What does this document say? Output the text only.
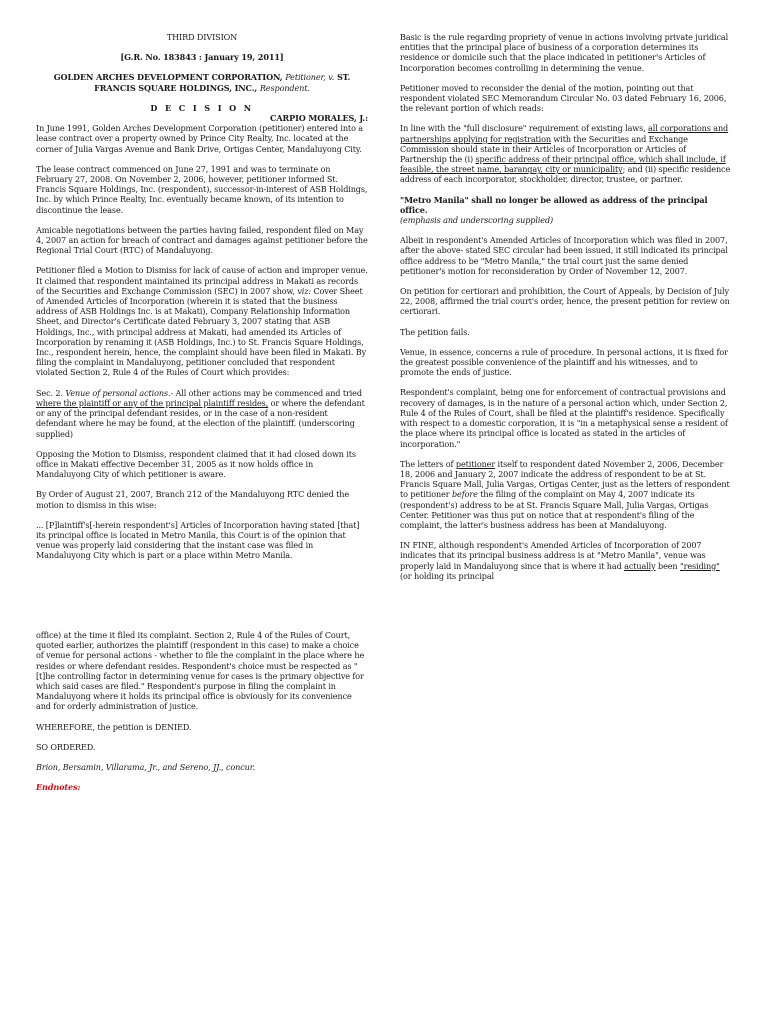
THIRD DIVISION

[G.R. No. 183843 : January 19, 2011]

GOLDEN ARCHES DEVELOPMENT CORPORATION, Petitioner, v. ST. FRANCIS SQUARE HOLDINGS, INC., Respondent.

D E C I S I O N

CARPIO MORALES, J.:

In June 1991, Golden Arches Development Corporation (petitioner) entered into a lease contract over a property owned by Prince City Realty, Inc. located at the corner of Julia Vargas Avenue and Bank Drive, Ortigas Center, Mandaluyong City.

The lease contract commenced on June 27, 1991 and was to terminate on February 27, 2008. On November 2, 2006, however, petitioner informed St. Francis Square Holdings, Inc. (respondent), successor-in-interest of ASB Holdings, Inc. by which Prince Realty, Inc. eventually became known, of its intention to discontinue the lease.

Amicable negotiations between the parties having failed, respondent filed on May 4, 2007 an action for breach of contract and damages against petitioner before the Regional Trial Court (RTC) of Mandaluyong.

Petitioner filed a Motion to Dismiss for lack of cause of action and improper venue. It claimed that respondent maintained its principal address in Makati as records of the Securities and Exchange Commission (SEC) in 2007 show, viz: Cover Sheet of Amended Articles of Incorporation (wherein it is stated that the business address of ASB Holdings Inc. is at Makati), Company Relationship Information Sheet, and Director's Certificate dated February 3, 2007 stating that ASB Holdings, Inc., with principal address at Makati, had amended its Articles of Incorporation by renaming it (ASB Holdings, Inc.) to St. Francis Square Holdings, Inc., respondent herein, hence, the complaint should have been filed in Makati. By filing the complaint in Mandaluyong, petitioner concluded that respondent violated Section 2, Rule 4 of the Rules of Court which provides:

Sec. 2. Venue of personal actions.- All other actions may be commenced and tried where the plaintiff or any of the principal plaintiff resides, or where the defendant or any of the principal defendant resides, or in the case of a non-resident defendant where he may be found, at the election of the plaintiff. (underscoring supplied)

Opposing the Motion to Dismiss, respondent claimed that it had closed down its office in Makati effective December 31, 2005 as it now holds office in Mandaluyong City of which petitioner is aware.

By Order of August 21, 2007, Branch 212 of the Mandaluyong RTC denied the motion to dismiss in this wise:

... [P]laintiff's[-herein respondent's] Articles of Incorporation having stated [that] its principal office is located in Metro Manila, this Court is of the opinion that venue was properly laid considering that the instant case was filed in Mandaluyong City which is part or a place within Metro Manila.

Basic is the rule regarding propriety of venue in actions involving private juridical entities that the principal place of business of a corporation determines its residence or domicile such that the place indicated in petitioner's Articles of Incorporation becomes controlling in determining the venue.

Petitioner moved to reconsider the denial of the motion, pointing out that respondent violated SEC Memorandum Circular No. 03 dated February 16, 2006, the relevant portion of which reads:

In line with the "full disclosure" requirement of existing laws, all corporations and partnerships applying for registration with the Securities and Exchange Commission should state in their Articles of Incorporation or Articles of Partnership the (i) specific address of their principal office, which shall include, if feasible, the street name, barangay, city or municipality; and (ii) specific residence address of each incorporator, stockholder, director, trustee, or partner.

"Metro Manila" shall no longer be allowed as address of the principal office.
(emphasis and underscoring supplied)

Albeit in respondent's Amended Articles of Incorporation which was filed in 2007, after the above- stated SEC circular had been issued, it still indicated its principal office address to be "Metro Manila," the trial court just the same denied petitioner's motion for reconsideration by Order of November 12, 2007.

On petition for certiorari and prohibition, the Court of Appeals, by Decision of July 22, 2008, affirmed the trial court's order, hence, the present petition for review on certiorari.

The petition fails.

Venue, in essence, concerns a rule of procedure. In personal actions, it is fixed for the greatest possible convenience of the plaintiff and his witnesses, and to promote the ends of justice.

Respondent's complaint, being one for enforcement of contractual provisions and recovery of damages, is in the nature of a personal action which, under Section 2, Rule 4 of the Rules of Court, shall be filed at the plaintiff's residence. Specifically with respect to a domestic corporation, it is "in a metaphysical sense a resident of the place where its principal office is located as stated in the articles of incorporation."

The letters of petitioner itself to respondent dated November 2, 2006, December 18, 2006 and January 2, 2007 indicate the address of respondent to be at St. Francis Square Mall, Julia Vargas, Ortigas Center, just as the letters of respondent to petitioner before the filing of the complaint on May 4, 2007 indicate its (respondent's) address to be at St. Francis Square Mall, Julia Vargas, Ortigas Center. Petitioner was thus put on notice that at respondent's filing of the complaint, the latter's business address has been at Mandaluyong.

IN FINE, although respondent's Amended Articles of Incorporation of 2007 indicates that its principal business address is at "Metro Manila", venue was properly laid in Mandaluyong since that is where it had actually been "residing" (or holding its principal

office) at the time it filed its complaint. Section 2, Rule 4 of the Rules of Court, quoted earlier, authorizes the plaintiff (respondent in this case) to make a choice of venue for personal actions - whether to file the complaint in the place where he resides or where defendant resides. Respondent's choice must be respected as "[t]he controlling factor in determining venue for cases is the primary objective for which said cases are filed." Respondent's purpose in filing the complaint in Mandaluyong where it holds its principal office is obviously for its convenience and for orderly administration of justice.

WHEREFORE, the petition is DENIED.

SO ORDERED.

Brion, Bersamin, Villarama, Jr., and Sereno, JJ., concur.

Endnotes:
